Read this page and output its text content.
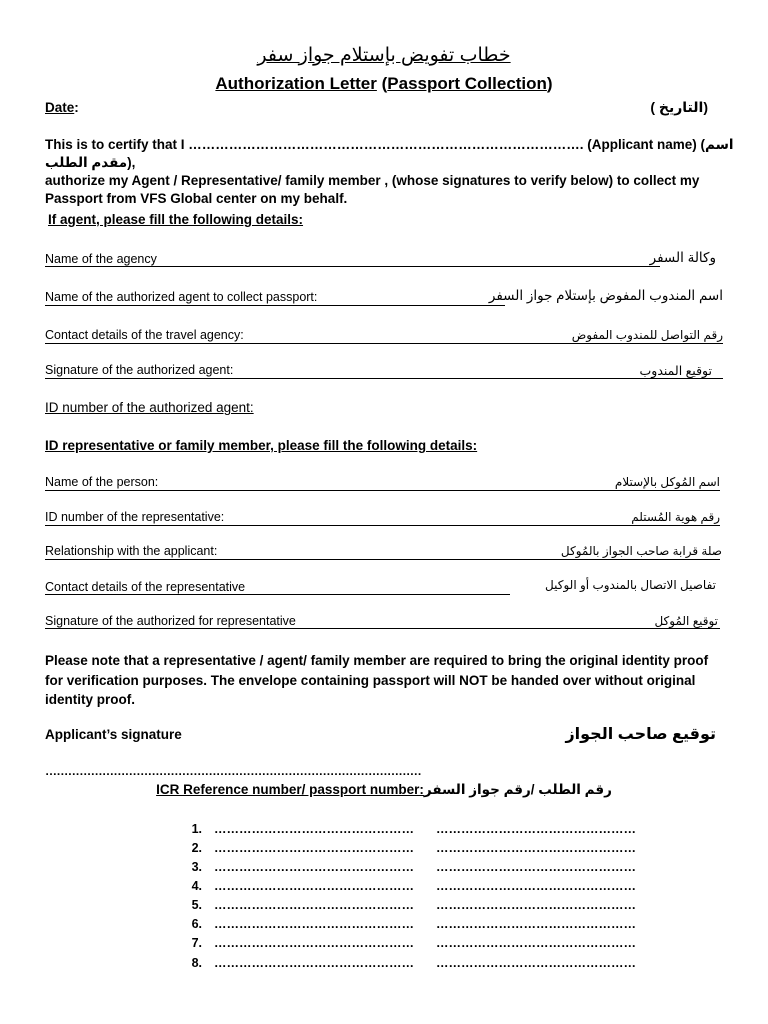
خطاب تفويض بإستلام جواز سفر
Authorization Letter (Passport Collection)
Date:	(التاريخ )
This is to certify that I ……………………………………………………………………………. (Applicant name) (اسم مقدم الطلب),
authorize my Agent / Representative/ family member , (whose signatures to verify below) to collect my
Passport from VFS Global center on my behalf.
If agent, please fill the following details:
Name of the agency	وكالة السفر
Name of the authorized agent to collect passport:	اسم المندوب المفوض بإستلام جواز السفر
Contact details of the travel agency:	رقم التواصل للمندوب المفوض
Signature of the authorized agent:	توقيع المندوب
ID number of the authorized agent:
ID representative or family member, please fill the following details:
Name of the person:	اسم المُوكل بالإستلام
ID number of the representative:	رقم هوية المُستلم
Relationship with the applicant:	صلة قرابة صاحب الجواز بالمُوكل
Contact details of the representative	تفاصيل الاتصال بالمندوب أو الوكيل
Signature of the authorized for representative	توقيع المُوكل
Please note that a representative / agent/ family member are required to bring the original identity proof
for verification purposes. The envelope containing passport will NOT be handed over without original
identity proof.
Applicant’s signature	توقيع صاحب الجواز
………………………………………………………………………………………
ICR Reference number/ passport number:رقم الطلب /رقم جواز السفر
1. ………………………………………… …………………………………………
2. ………………………………………… …………………………………………
3. ………………………………………… …………………………………………
4. ………………………………………… …………………………………………
5. ………………………………………… …………………………………………
6. ………………………………………… …………………………………………
7. ………………………………………… …………………………………………
8. ………………………………………… …………………………………………
